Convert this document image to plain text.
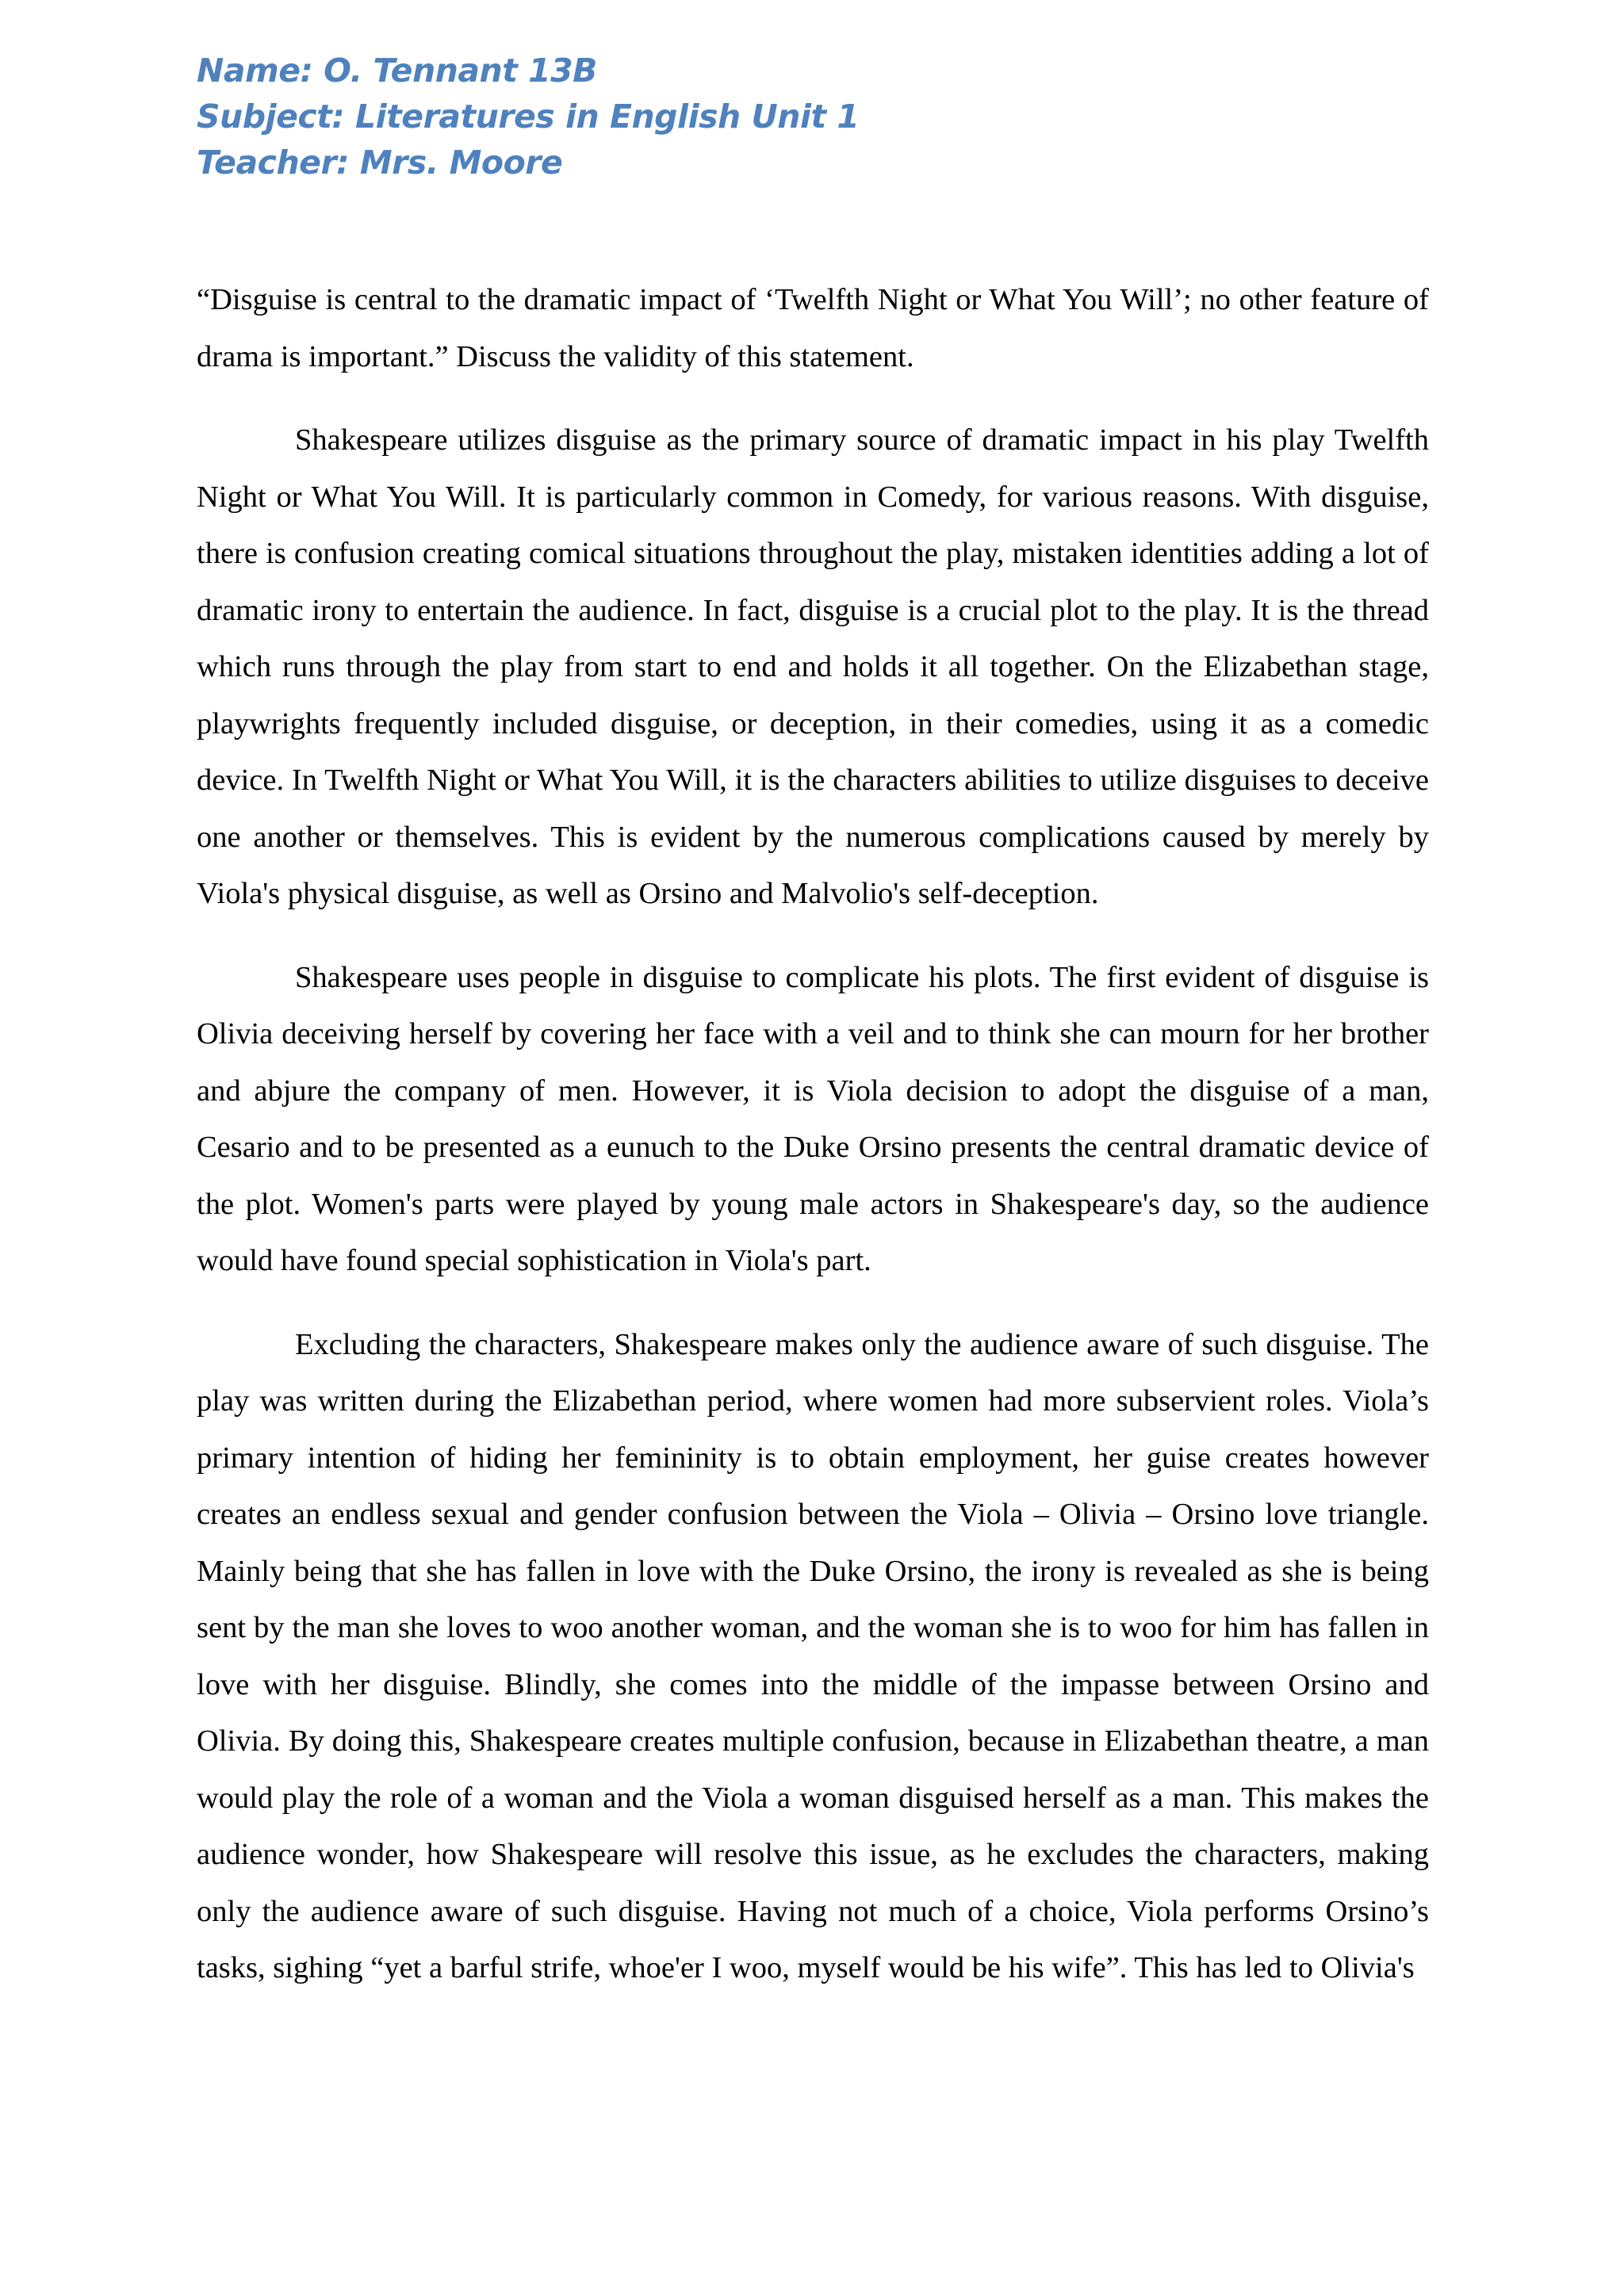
Name: O. Tennant 13B
Subject: Literatures in English Unit 1
Teacher: Mrs. Moore

“Disguise is central to the dramatic impact of ‘Twelfth Night or What You Will’; no other feature of drama is important.” Discuss the validity of this statement.

Shakespeare utilizes disguise as the primary source of dramatic impact in his play Twelfth Night or What You Will. It is particularly common in Comedy, for various reasons. With disguise, there is confusion creating comical situations throughout the play, mistaken identities adding a lot of dramatic irony to entertain the audience. In fact, disguise is a crucial plot to the play. It is the thread which runs through the play from start to end and holds it all together. On the Elizabethan stage, playwrights frequently included disguise, or deception, in their comedies, using it as a comedic device. In Twelfth Night or What You Will, it is the characters abilities to utilize disguises to deceive one another or themselves. This is evident by the numerous complications caused by merely by Viola's physical disguise, as well as Orsino and Malvolio's self-deception.

Shakespeare uses people in disguise to complicate his plots. The first evident of disguise is Olivia deceiving herself by covering her face with a veil and to think she can mourn for her brother and abjure the company of men. However, it is Viola decision to adopt the disguise of a man, Cesario and to be presented as a eunuch to the Duke Orsino presents the central dramatic device of the plot. Women's parts were played by young male actors in Shakespeare's day, so the audience would have found special sophistication in Viola's part.

Excluding the characters, Shakespeare makes only the audience aware of such disguise. The play was written during the Elizabethan period, where women had more subservient roles. Viola’s primary intention of hiding her femininity is to obtain employment, her guise creates however creates an endless sexual and gender confusion between the Viola – Olivia – Orsino love triangle. Mainly being that she has fallen in love with the Duke Orsino, the irony is revealed as she is being sent by the man she loves to woo another woman, and the woman she is to woo for him has fallen in love with her disguise. Blindly, she comes into the middle of the impasse between Orsino and Olivia. By doing this, Shakespeare creates multiple confusion, because in Elizabethan theatre, a man would play the role of a woman and the Viola a woman disguised herself as a man. This makes the audience wonder, how Shakespeare will resolve this issue, as he excludes the characters, making only the audience aware of such disguise. Having not much of a choice, Viola performs Orsino’s tasks, sighing “yet a barful strife, whoe'er I woo, myself would be his wife”. This has led to Olivia's
